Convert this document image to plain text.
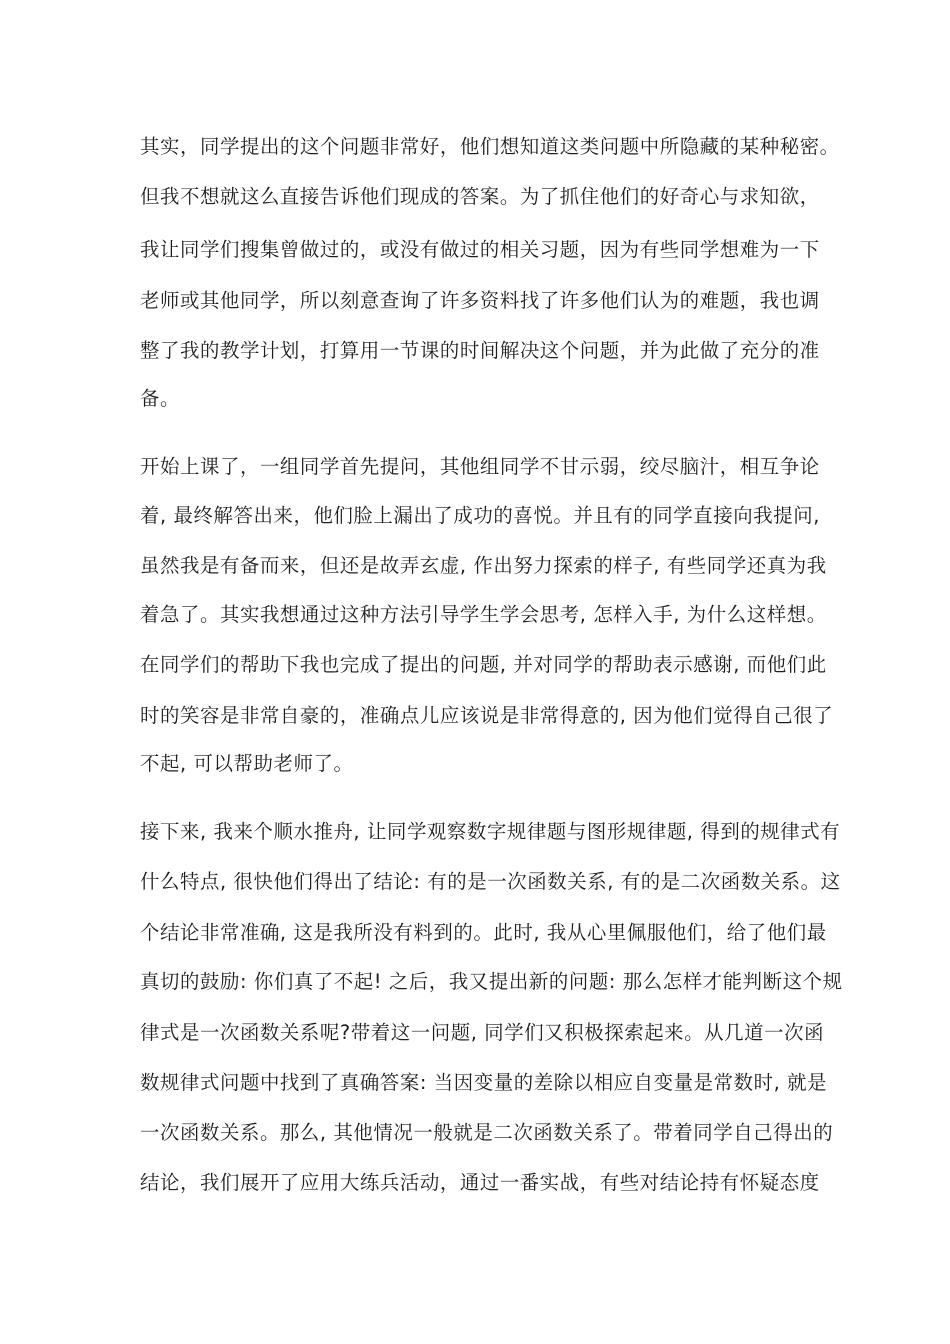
其实，同学提出的这个问题非常好，他们想知道这类问题中所隐藏的某种秘密。
但我不想就这么直接告诉他们现成的答案。为了抓住他们的好奇心与求知欲，
我让同学们搜集曾做过的，或没有做过的相关习题，因为有些同学想难为一下
老师或其他同学，所以刻意查询了许多资料找了许多他们认为的难题，我也调
整了我的教学计划，打算用一节课的时间解决这个问题，并为此做了充分的准
备。
开始上课了，一组同学首先提问，其他组同学不甘示弱，绞尽脑汁，相互争论
着, 最终解答出来，他们脸上漏出了成功的喜悦。并且有的同学直接向我提问,
虽然我是有备而来，但还是故弄玄虚, 作出努力探索的样子, 有些同学还真为我
着急了。其实我想通过这种方法引导学生学会思考, 怎样入手, 为什么这样想。
在同学们的帮助下我也完成了提出的问题, 并对同学的帮助表示感谢, 而他们此
时的笑容是非常自豪的，准确点儿应该说是非常得意的, 因为他们觉得自己很了
不起, 可以帮助老师了。
接下来, 我来个顺水推舟, 让同学观察数字规律题与图形规律题, 得到的规律式有
什么特点, 很快他们得出了结论: 有的是一次函数关系, 有的是二次函数关系。这
个结论非常准确, 这是我所没有料到的。此时, 我从心里佩服他们，给了他们最
真切的鼓励: 你们真了不起! 之后，我又提出新的问题: 那么怎样才能判断这个规
律式是一次函数关系呢?带着这一问题, 同学们又积极探索起来。从几道一次函
数规律式问题中找到了真确答案: 当因变量的差除以相应自变量是常数时, 就是
一次函数关系。那么, 其他情况一般就是二次函数关系了。带着同学自己得出的
结论，我们展开了应用大练兵活动，通过一番实战，有些对结论持有怀疑态度
